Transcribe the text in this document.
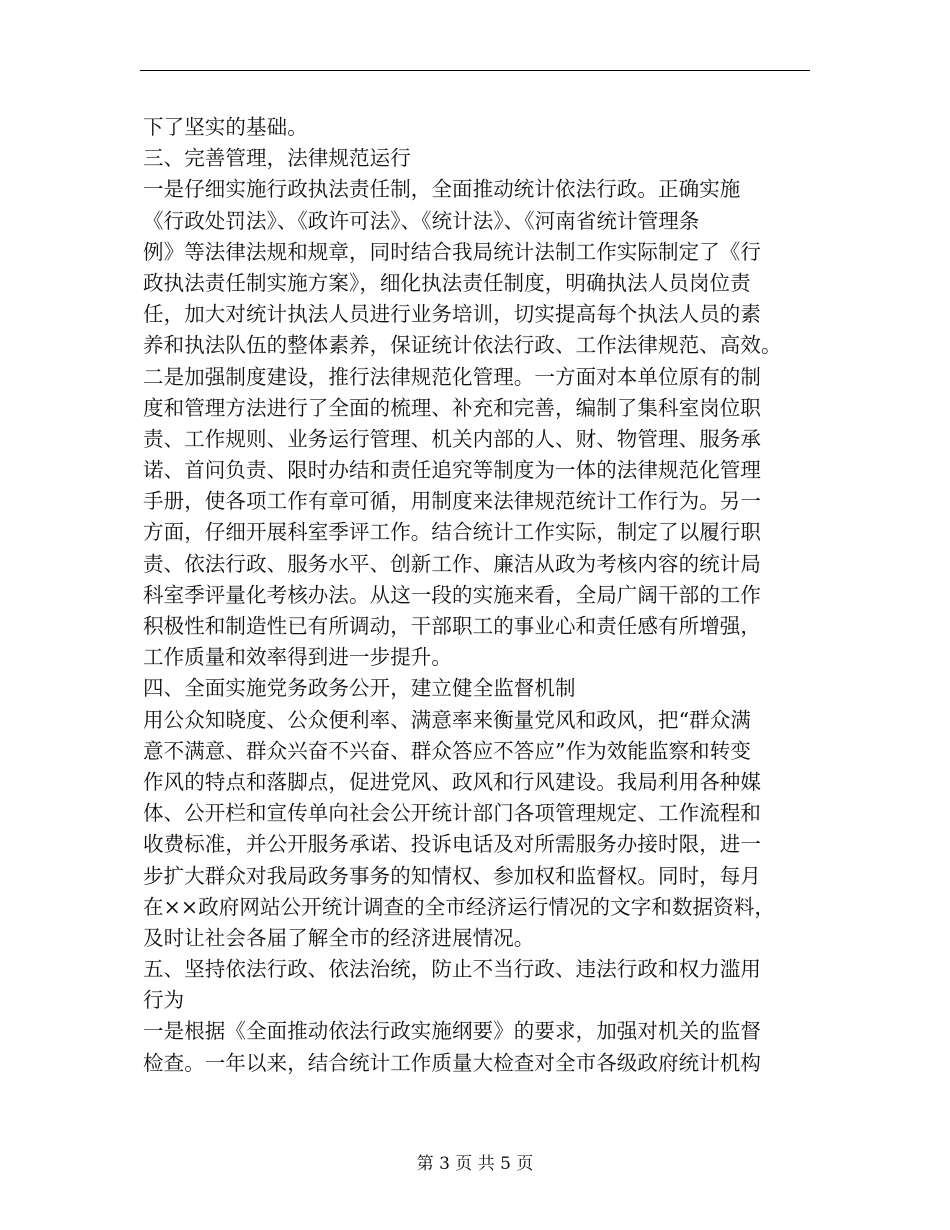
下了坚实的基础。
三、完善管理，法律规范运行
一是仔细实施行政执法责任制，全面推动统计依法行政。正确实施
《行政处罚法》、《政许可法》、《统计法》、《河南省统计管理条
例》等法律法规和规章，同时结合我局统计法制工作实际制定了《行
政执法责任制实施方案》，细化执法责任制度，明确执法人员岗位责
任，加大对统计执法人员进行业务培训，切实提高每个执法人员的素
养和执法队伍的整体素养，保证统计依法行政、工作法律规范、高效。
二是加强制度建设，推行法律规范化管理。一方面对本单位原有的制
度和管理方法进行了全面的梳理、补充和完善，编制了集科室岗位职
责、工作规则、业务运行管理、机关内部的人、财、物管理、服务承
诺、首问负责、限时办结和责任追究等制度为一体的法律规范化管理
手册，使各项工作有章可循，用制度来法律规范统计工作行为。另一
方面，仔细开展科室季评工作。结合统计工作实际，制定了以履行职
责、依法行政、服务水平、创新工作、廉洁从政为考核内容的统计局
科室季评量化考核办法。从这一段的实施来看，全局广阔干部的工作
积极性和制造性已有所调动，干部职工的事业心和责任感有所增强，
工作质量和效率得到进一步提升。
四、全面实施党务政务公开，建立健全监督机制
用公众知晓度、公众便利率、满意率来衡量党风和政风，把“群众满
意不满意、群众兴奋不兴奋、群众答应不答应”作为效能监察和转变
作风的特点和落脚点，促进党风、政风和行风建设。我局利用各种媒
体、公开栏和宣传单向社会公开统计部门各项管理规定、工作流程和
收费标准，并公开服务承诺、投诉电话及对所需服务办接时限，进一
步扩大群众对我局政务事务的知情权、参加权和监督权。同时，每月
在××政府网站公开统计调查的全市经济运行情况的文字和数据资料，
及时让社会各届了解全市的经济进展情况。
五、坚持依法行政、依法治统，防止不当行政、违法行政和权力滥用
行为
一是根据《全面推动依法行政实施纲要》的要求，加强对机关的监督
检查。一年以来，结合统计工作质量大检查对全市各级政府统计机构
第 3 页 共 5 页
